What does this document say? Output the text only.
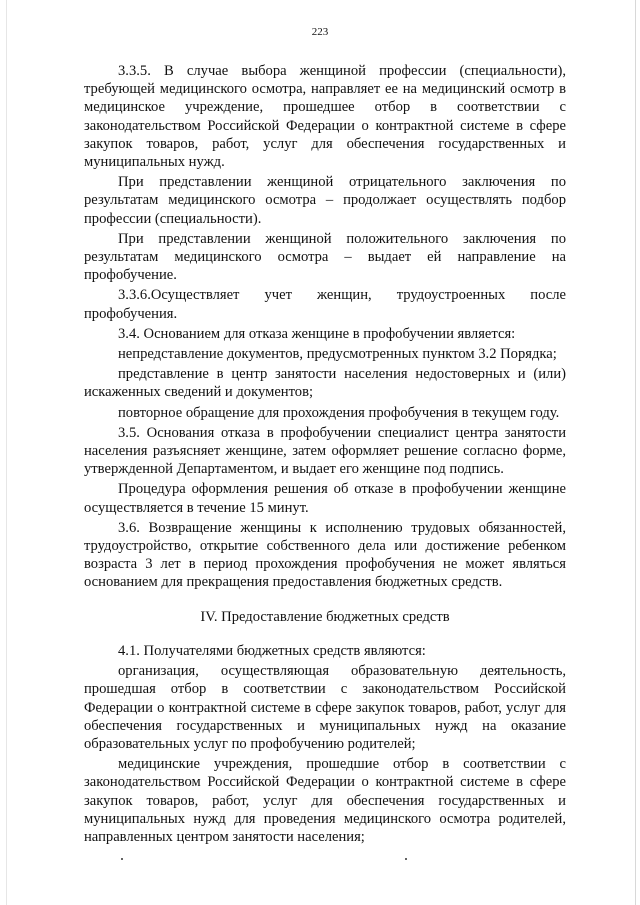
223

3.3.5. В случае выбора женщиной профессии (специальности), требующей медицинского осмотра, направляет ее на медицинский осмотр в медицинское учреждение, прошедшее отбор в соответствии с законодательством Российской Федерации о контрактной системе в сфере закупок товаров, работ, услуг для обеспечения государственных и муниципальных нужд.

При представлении женщиной отрицательного заключения по результатам медицинского осмотра – продолжает осуществлять подбор профессии (специальности).

При представлении женщиной положительного заключения по результатам медицинского осмотра – выдает ей направление на профобучение.

3.3.6.Осуществляет учет женщин, трудоустроенных после профобучения.

3.4. Основанием для отказа женщине в профобучении является:

непредставление документов, предусмотренных пунктом 3.2 Порядка;

представление в центр занятости населения недостоверных и (или) искаженных сведений и документов;

повторное обращение для прохождения профобучения в текущем году.

3.5. Основания отказа в профобучении специалист центра занятости населения разъясняет женщине, затем оформляет решение согласно форме, утвержденной Департаментом, и выдает его женщине под подпись.

Процедура оформления решения об отказе в профобучении женщине осуществляется в течение 15 минут.

3.6. Возвращение женщины к исполнению трудовых обязанностей, трудоустройство, открытие собственного дела или достижение ребенком возраста 3 лет в период прохождения профобучения не может являться основанием для прекращения предоставления бюджетных средств.

IV. Предоставление бюджетных средств

4.1. Получателями бюджетных средств являются:

организация, осуществляющая образовательную деятельность, прошедшая отбор в соответствии с законодательством Российской Федерации о контрактной системе в сфере закупок товаров, работ, услуг для обеспечения государственных и муниципальных нужд на оказание образовательных услуг по профобучению родителей;

медицинские учреждения, прошедшие отбор в соответствии с законодательством Российской Федерации о контрактной системе в сфере закупок товаров, работ, услуг для обеспечения государственных и муниципальных нужд для проведения медицинского осмотра родителей, направленных центром занятости населения;
